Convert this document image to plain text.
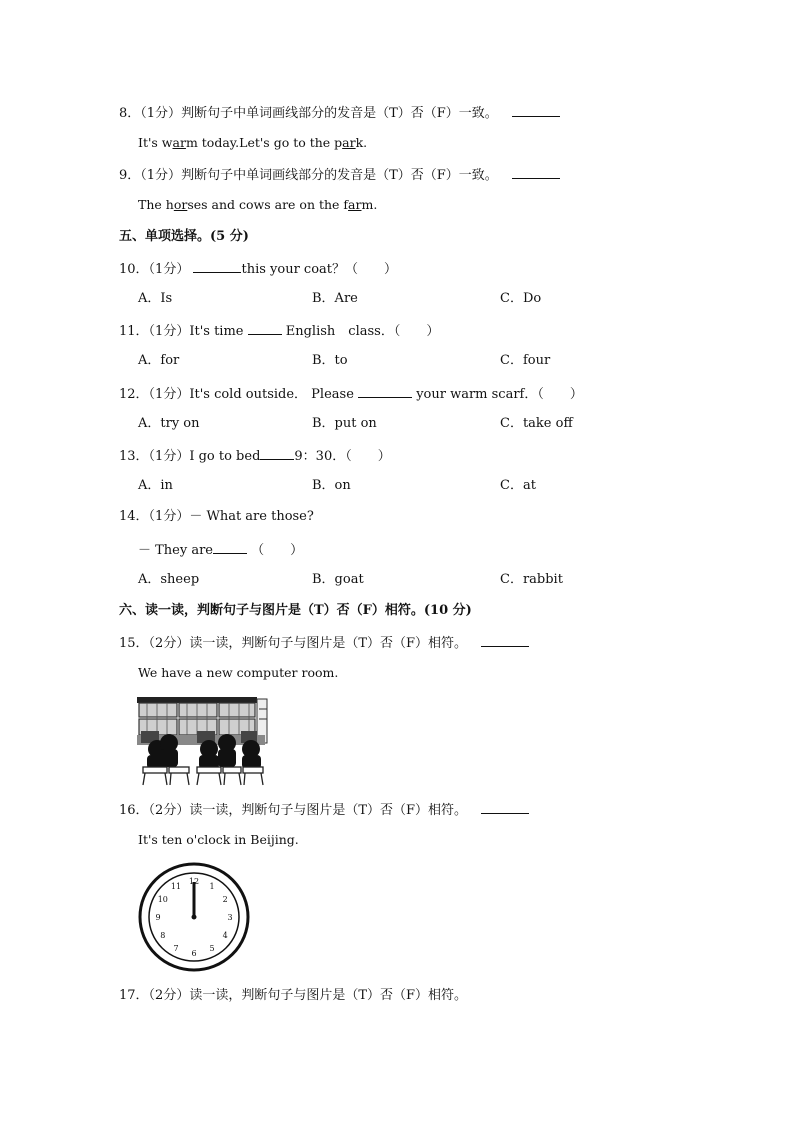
8．（1分）判断句子中单词画线部分的发音是（T）否（F）一致。
It's warm today.Let's go to the park.
9．（1分）判断句子中单词画线部分的发音是（T）否（F）一致。
The horses and cows are on the farm.
五、单项选择。(5 分)
10．（1分）	this your coat？（　　）
A．Is	B．Are	C．Do
11．（1分）It's time	English　class．（　　）
A．for	B．to	C．four
12．（1分）It's cold outside． Please	your warm scarf．（　　）
A．try on	B．put on	C．take off
13．（1分）I go to bed	9：30．（　　）
A．in	B．on	C．at
14．（1分）－ What are those?
－ They are	（　　）
A．sheep	B．goat	C．rabbit
六、读一读，判断句子与图片是（T）否（F）相符。(10 分)
15．（2分）读一读，判断句子与图片是（T）否（F）相符。
We have a new computer room.
16．（2分）读一读，判断句子与图片是（T）否（F）相符。
It's ten o'clock in Beijing.
12
1
2
3
4
5
6
7
8
9
10
11
17．（2分）读一读，判断句子与图片是（T）否（F）相符。
